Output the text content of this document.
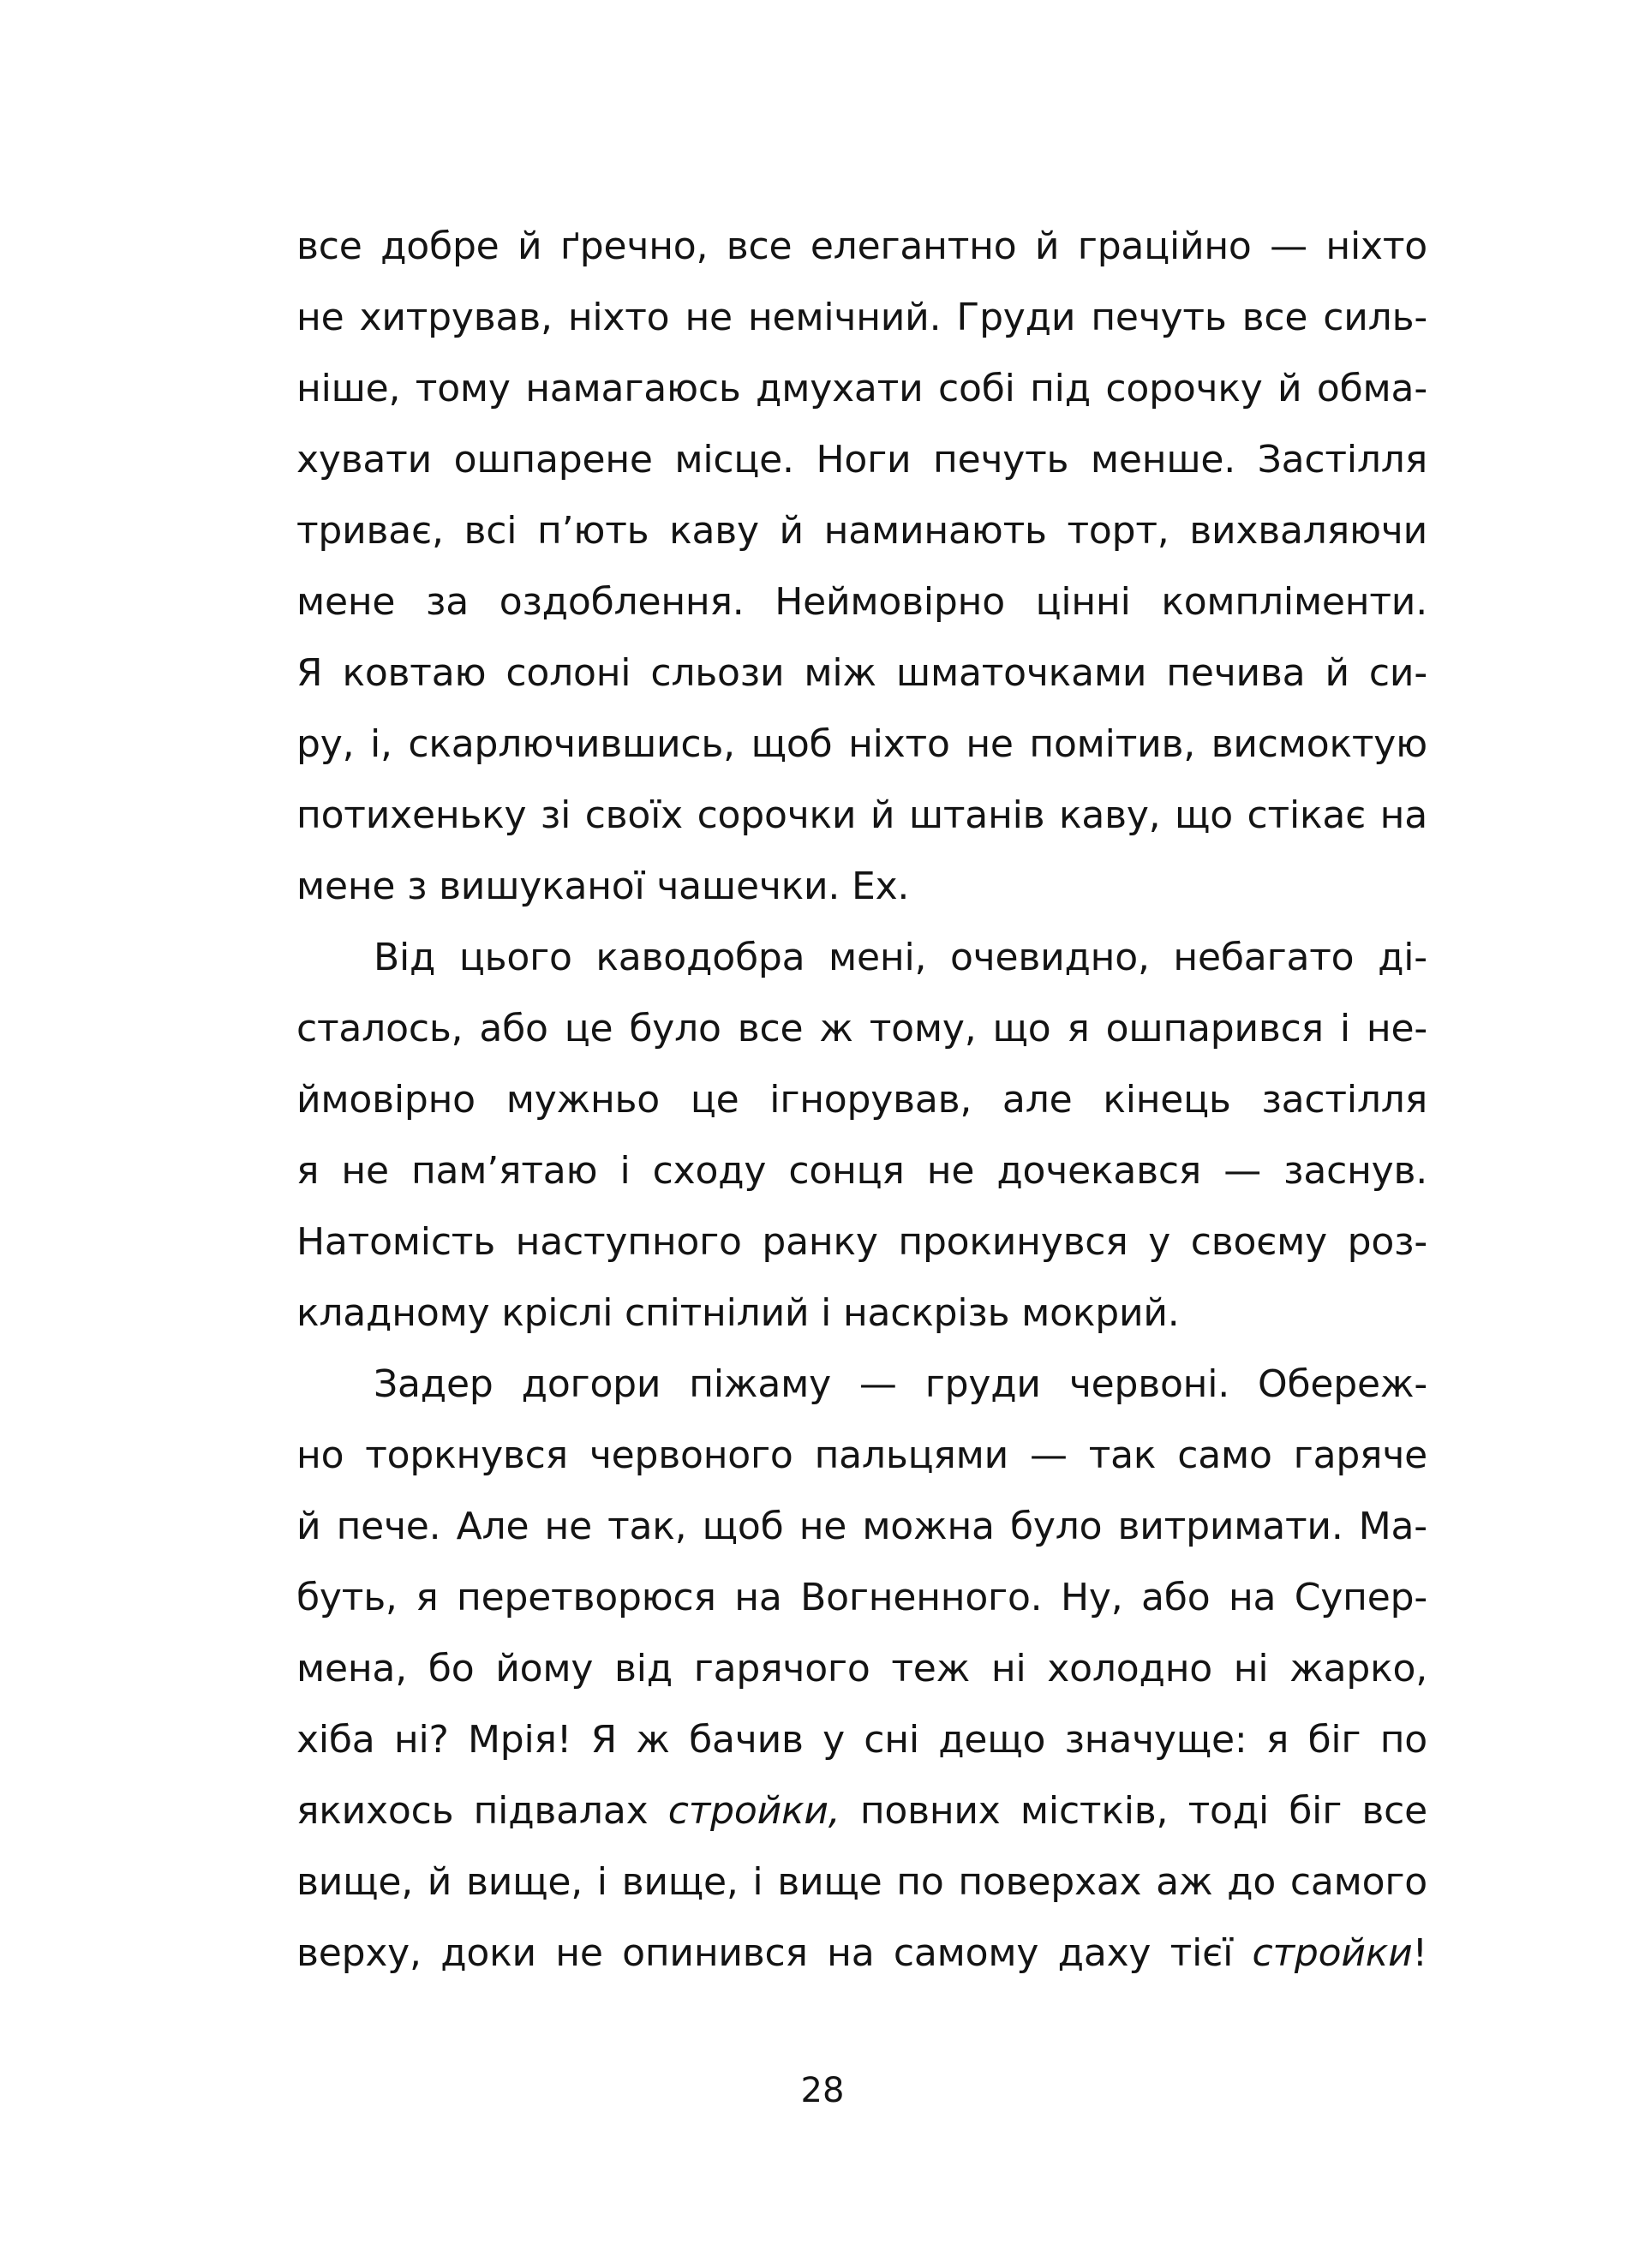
все добре й ґречно, все елегантно й граційно — ніхто
не хитрував, ніхто не немічний. Груди печуть все силь-
ніше, тому намагаюсь дмухати собі під сорочку й обма-
хувати ошпарене місце. Ноги печуть менше. Застілля
триває, всі п’ють каву й наминають торт, вихваляючи
мене за оздоблення. Неймовірно цінні компліменти.
Я ковтаю солоні сльози між шматочками печива й си-
ру, і, скарлючившись, щоб ніхто не помітив, висмоктую
потихеньку зі своїх сорочки й штанів каву, що стікає на
мене з вишуканої чашечки. Ех.
Від цього каводобра мені, очевидно, небагато ді-
сталось, або це було все ж тому, що я ошпарився і не-
ймовірно мужньо це ігнорував, але кінець застілля
я не пам’ятаю і сходу сонця не дочекався — заснув.
Натомість наступного ранку прокинувся у своєму роз-
кладному кріслі спітнілий і наскрізь мокрий.
Задер догори піжаму — груди червоні. Обереж-
но торкнувся червоного пальцями — так само гаряче
й пече. Але не так, щоб не можна було витримати. Ма-
буть, я перетворюся на Вогненного. Ну, або на Супер-
мена, бо йому від гарячого теж ні холодно ні жарко,
хіба ні? Мрія! Я ж бачив у сні дещо значуще: я біг по
якихось підвалах стройки, повних містків, тоді біг все
вище, й вище, і вище, і вище по поверхах аж до самого
верху, доки не опинився на самому даху тієї стройки!
28
